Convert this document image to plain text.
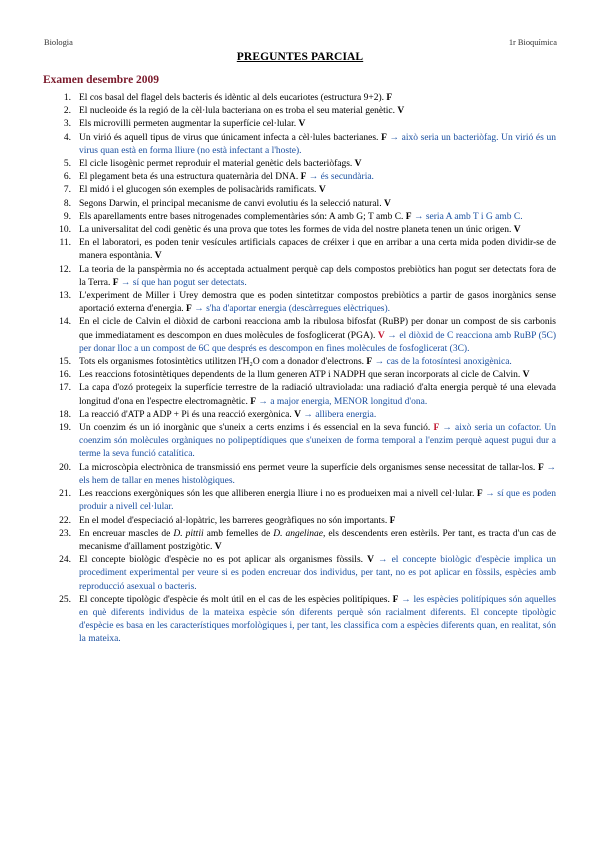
Biologia	1r Bioquímica
PREGUNTES PARCIAL
Examen desembre 2009
1. El cos basal del flagel dels bacteris és idèntic al dels eucariotes (estructura 9+2). F
2. El nucleoide és la regió de la cèl·lula bacteriana on es troba el seu material genètic. V
3. Els microvilli permeten augmentar la superfície cel·lular. V
4. Un virió és aquell tipus de virus que únicament infecta a cèl·lules bacterianes. F → això seria un bacteriòfag. Un virió és un virus quan està en forma lliure (no està infectant a l'hoste).
5. El cicle lisogènic permet reproduir el material genètic dels bacteriòfags. V
6. El plegament beta és una estructura quaternària del DNA. F → és secundària.
7. El midó i el glucogen són exemples de polisacàrids ramificats. V
8. Segons Darwin, el principal mecanisme de canvi evolutiu és la selecció natural. V
9. Els aparellaments entre bases nitrogenades complementàries són: A amb G; T amb C. F → seria A amb T i G amb C.
10. La universalitat del codi genètic és una prova que totes les formes de vida del nostre planeta tenen un únic origen. V
11. En el laboratori, es poden tenir vesícules artificials capaces de créixer i que en arribar a una certa mida poden dividir-se de manera espontània. V
12. La teoria de la panspèrmia no és acceptada actualment perquè cap dels compostos prebiòtics han pogut ser detectats fora de la Terra. F → sí que han pogut ser detectats.
13. L'experiment de Miller i Urey demostra que es poden sintetitzar compostos prebiòtics a partir de gasos inorgànics sense aportació externa d'energia. F → s'ha d'aportar energia (descàrregues elèctriques).
14. En el cicle de Calvin el diòxid de carboni reacciona amb la ribulosa bifosfat (RuBP) per donar un compost de sis carbonis que immediatament es descompon en dues molècules de fosfoglicerat (PGA). V → el diòxid de C reacciona amb RuBP (5C) per donar lloc a un compost de 6C que després es descompon en fines molècules de fosfoglicerat (3C).
15. Tots els organismes fotosintètics utilitzen l'H₂O com a donador d'electrons. F → cas de la fotosíntesi anoxigènica.
16. Les reaccions fotosintètiques dependents de la llum generen ATP i NADPH que seran incorporats al cicle de Calvin. V
17. La capa d'ozó protegeix la superfície terrestre de la radiació ultraviolada: una radiació d'alta energia perquè té una elevada longitud d'ona en l'espectre electromagnètic. F → a major energia, MENOR longitud d'ona.
18. La reacció d'ATP a ADP + Pi és una reacció exergònica. V → allibera energia.
19. Un coenzim és un ió inorgànic que s'uneix a certs enzims i és essencial en la seva funció. F → això seria un cofactor. Un coenzim són molècules orgàniques no polipeptídiques que s'uneixen de forma temporal a l'enzim perquè aquest pugui dur a terme la seva funció catalítica.
20. La microscòpia electrònica de transmissió ens permet veure la superfície dels organismes sense necessitat de tallar-los. F → els hem de tallar en menes histològiques.
21. Les reaccions exergòniques són les que alliberen energia lliure i no es produeixen mai a nivell cel·lular. F → sí que es poden produir a nivell cel·lular.
22. En el model d'especiació al·lopàtric, les barreres geogràfiques no són importants. F
23. En encreuar mascles de D. pittii amb femelles de D. angelinae, els descendents eren estèrils. Per tant, es tracta d'un cas de mecanisme d'aïllament postzigòtic. V
24. El concepte biològic d'espècie no es pot aplicar als organismes fòssils. V → el concepte biològic d'espècie implica un procediment experimental per veure si es poden encreuar dos individus, per tant, no es pot aplicar en fòssils, espècies amb reproducció asexual o bacteris.
25. El concepte tipològic d'espècie és molt útil en el cas de les espècies politípiques. F → les espècies politípiques són aquelles en què diferents individus de la mateixa espècie són diferents perquè són racialment diferents. El concepte tipològic d'espècie es basa en les característiques morfològiques i, per tant, les classifica com a espècies diferents quan, en realitat, són la mateixa.
